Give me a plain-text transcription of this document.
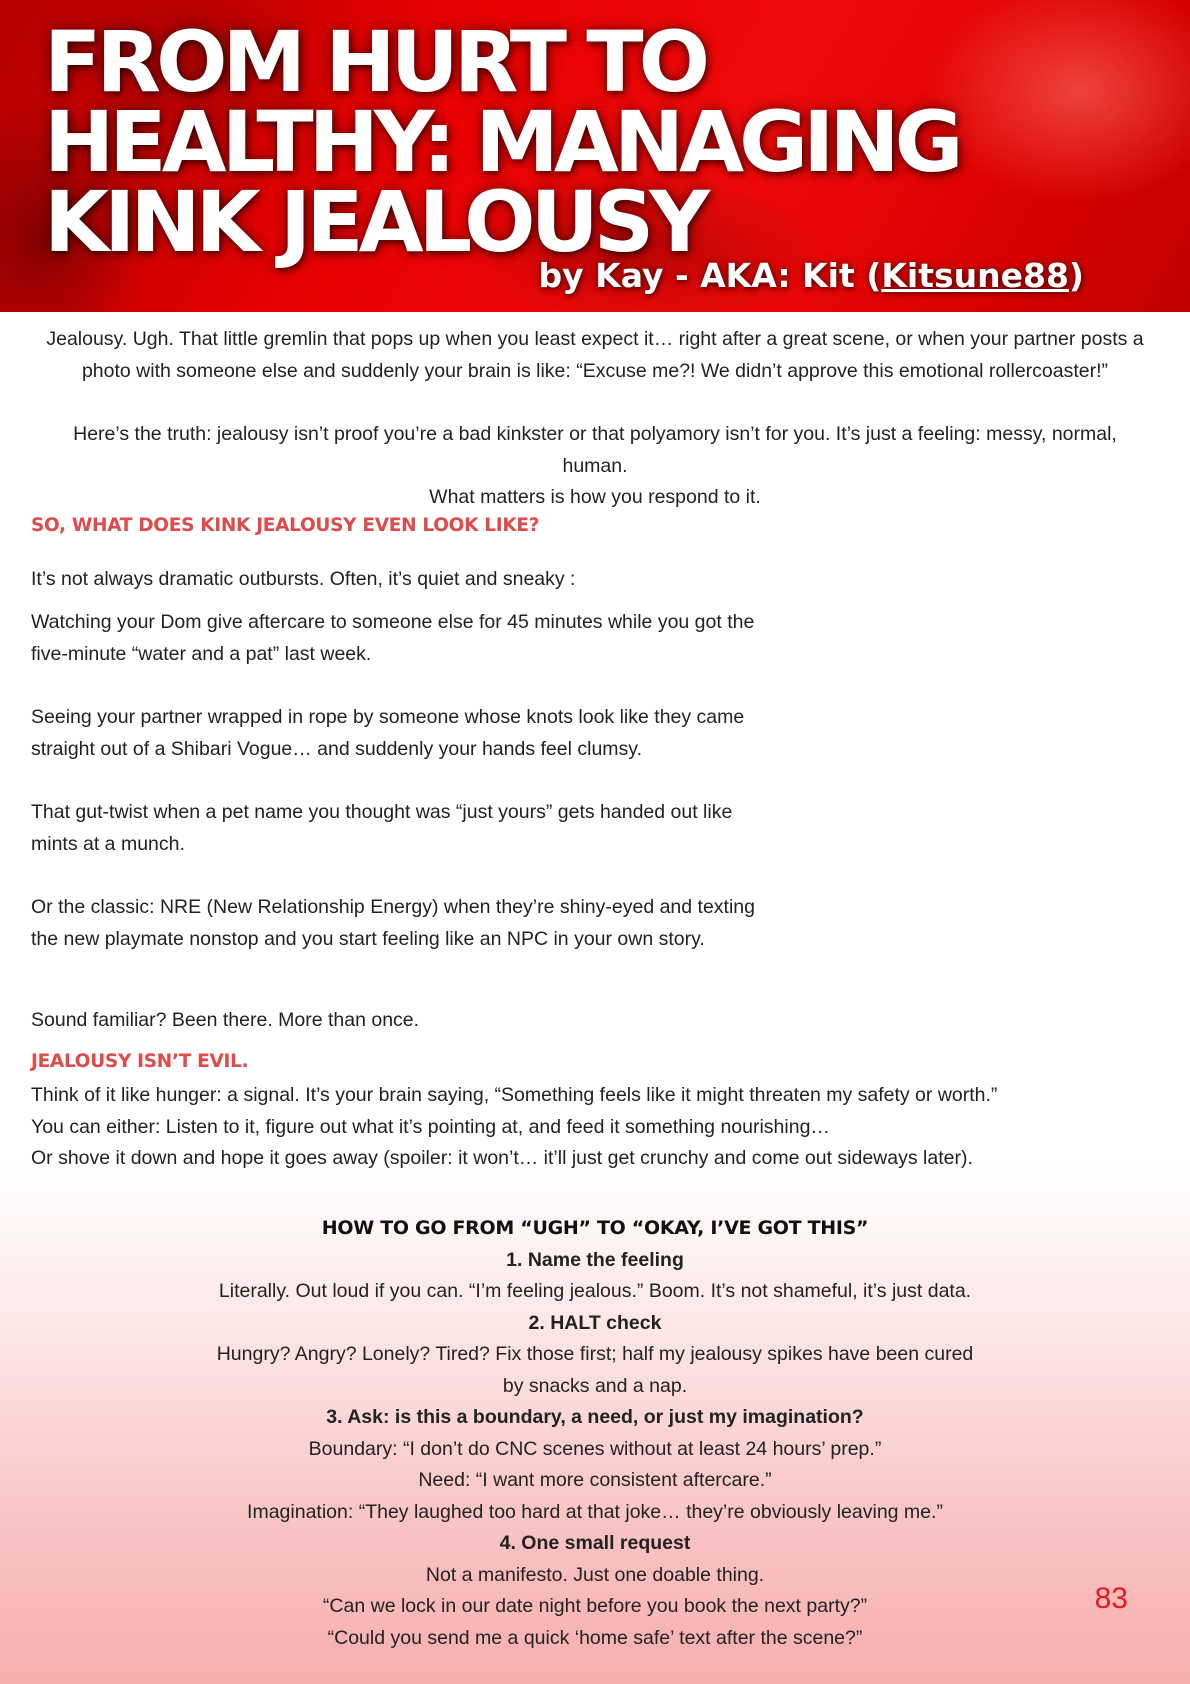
FROM HURT TO
HEALTHY: MANAGING
KINK JEALOUSY
by Kay - AKA: Kit (Kitsune88)

Jealousy. Ugh. That little gremlin that pops up when you least expect it… right after a great scene, or when your partner posts a

photo with someone else and suddenly your brain is like: “Excuse me?! We didn’t approve this emotional rollercoaster!”

Here’s the truth: jealousy isn’t proof you’re a bad kinkster or that polyamory isn’t for you. It’s just a feeling: messy, normal, human.

What matters is how you respond to it.

SO, WHAT DOES KINK JEALOUSY EVEN LOOK LIKE?

It’s not always dramatic outbursts. Often, it’s quiet and sneaky :

Watching your Dom give aftercare to someone else for 45 minutes while you got the

five-minute “water and a pat” last week.

Seeing your partner wrapped in rope by someone whose knots look like they came

straight out of a Shibari Vogue… and suddenly your hands feel clumsy.

That gut-twist when a pet name you thought was “just yours” gets handed out like

mints at a munch.

Or the classic: NRE (New Relationship Energy) when they’re shiny-eyed and texting

the new playmate nonstop and you start feeling like an NPC in your own story.

Sound familiar? Been there. More than once.

JEALOUSY ISN’T EVIL.

Think of it like hunger: a signal. It’s your brain saying, “Something feels like it might threaten my safety or worth.”

You can either: Listen to it, figure out what it’s pointing at, and feed it something nourishing…

Or shove it down and hope it goes away (spoiler: it won’t… it’ll just get crunchy and come out sideways later).

HOW TO GO FROM “UGH” TO “OKAY, I’VE GOT THIS”

1. Name the feeling

Literally. Out loud if you can. “I’m feeling jealous.” Boom. It’s not shameful, it’s just data.

2. HALT check

Hungry? Angry? Lonely? Tired? Fix those first; half my jealousy spikes have been cured

by snacks and a nap.

3. Ask: is this a boundary, a need, or just my imagination?

Boundary: “I don’t do CNC scenes without at least 24 hours’ prep.”

Need: “I want more consistent aftercare.”

Imagination: “They laughed too hard at that joke… they’re obviously leaving me.”

4. One small request

Not a manifesto. Just one doable thing.

“Can we lock in our date night before you book the next party?”

“Could you send me a quick ‘home safe’ text after the scene?”

83
